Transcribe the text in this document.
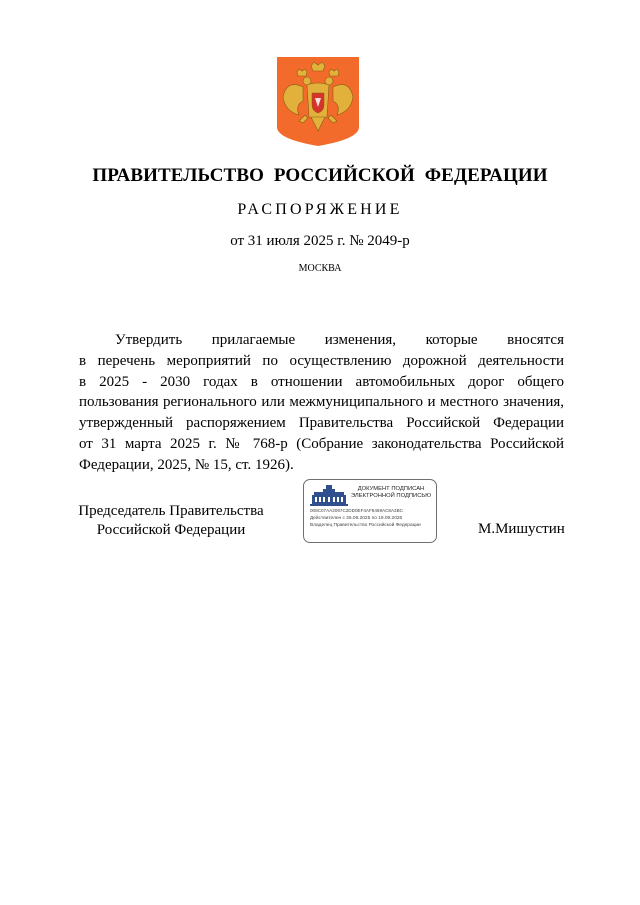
ПРАВИТЕЛЬСТВО РОССИЙСКОЙ ФЕДЕРАЦИИ
РАСПОРЯЖЕНИЕ
от 31 июля 2025 г. № 2049-р
МОСКВА
Утвердить прилагаемые изменения, которые вносятся
в перечень мероприятий по осуществлению дорожной деятельности
в 2025 - 2030 годах в отношении автомобильных дорог общего
пользования регионального или межмуниципального и местного значения,
утвержденный распоряжением Правительства Российской Федерации
от 31 марта 2025 г. № 768-р (Собрание законодательства Российской
Федерации, 2025, № 15, ст. 1926).
Председатель Правительства
Российской Федерации
ДОКУМЕНТ ПОДПИСАН
ЭЛЕКТРОННОЙ ПОДПИСЬЮ
008C07AA2097C2DD0EF4AF8469AC8A3BC
Действителен с 26.06.2025 по 19.09.2026
Владелец Правительство Российской Федерации	М.Мишустин
